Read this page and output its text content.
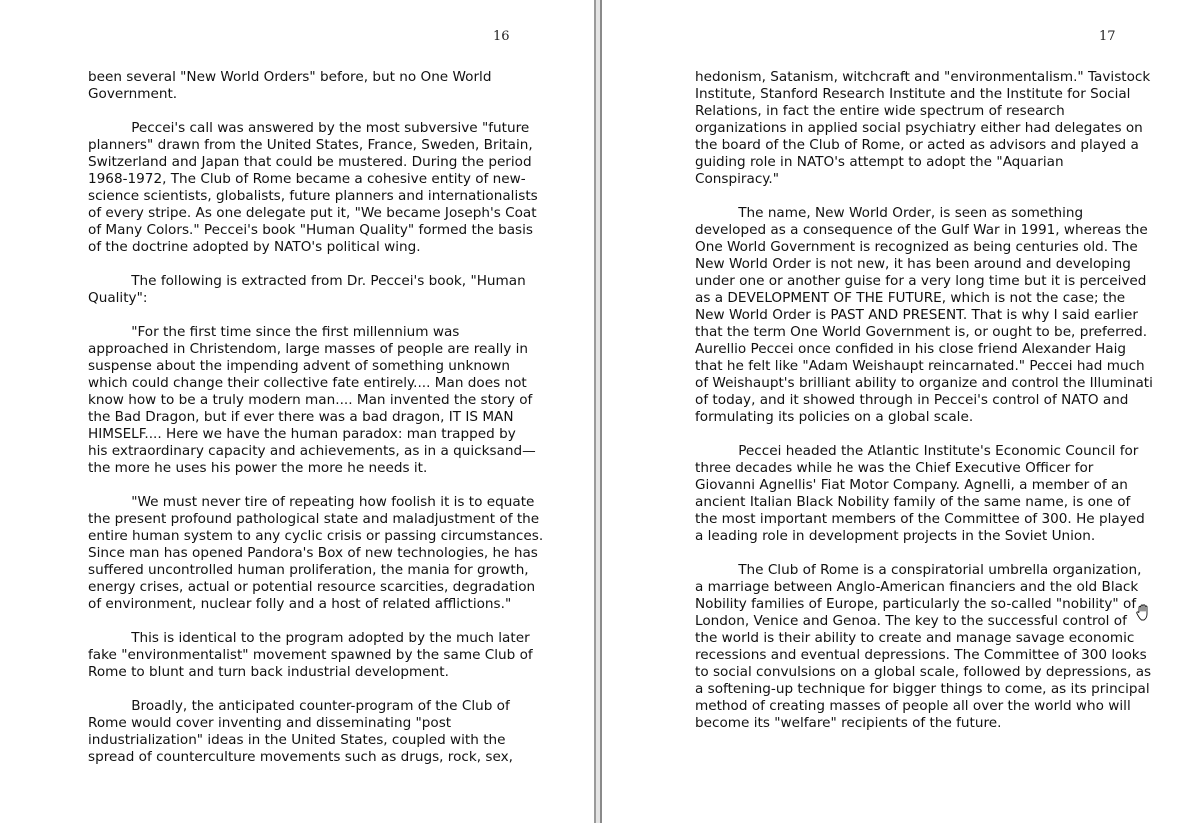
16
been several "New World Orders" before, but no One World
Government.
Peccei's call was answered by the most subversive "future
planners" drawn from the United States, France, Sweden, Britain,
Switzerland and Japan that could be mustered. During the period
1968-1972, The Club of Rome became a cohesive entity of new-
science scientists, globalists, future planners and internationalists
of every stripe. As one delegate put it, "We became Joseph's Coat
of Many Colors." Peccei's book "Human Quality" formed the basis
of the doctrine adopted by NATO's political wing.
The following is extracted from Dr. Peccei's book, "Human
Quality":
"For the first time since the first millennium was
approached in Christendom, large masses of people are really in
suspense about the impending advent of something unknown
which could change their collective fate entirely.... Man does not
know how to be a truly modern man.... Man invented the story of
the Bad Dragon, but if ever there was a bad dragon, IT IS MAN
HIMSELF.... Here we have the human paradox: man trapped by
his extraordinary capacity and achievements, as in a quicksand—
the more he uses his power the more he needs it.
"We must never tire of repeating how foolish it is to equate
the present profound pathological state and maladjustment of the
entire human system to any cyclic crisis or passing circumstances.
Since man has opened Pandora's Box of new technologies, he has
suffered uncontrolled human proliferation, the mania for growth,
energy crises, actual or potential resource scarcities, degradation
of environment, nuclear folly and a host of related afflictions."
This is identical to the program adopted by the much later
fake "environmentalist" movement spawned by the same Club of
Rome to blunt and turn back industrial development.
Broadly, the anticipated counter-program of the Club of
Rome would cover inventing and disseminating "post
industrialization" ideas in the United States, coupled with the
spread of counterculture movements such as drugs, rock, sex,
17
hedonism, Satanism, witchcraft and "environmentalism." Tavistock
Institute, Stanford Research Institute and the Institute for Social
Relations, in fact the entire wide spectrum of research
organizations in applied social psychiatry either had delegates on
the board of the Club of Rome, or acted as advisors and played a
guiding role in NATO's attempt to adopt the "Aquarian
Conspiracy."
The name, New World Order, is seen as something
developed as a consequence of the Gulf War in 1991, whereas the
One World Government is recognized as being centuries old. The
New World Order is not new, it has been around and developing
under one or another guise for a very long time but it is perceived
as a DEVELOPMENT OF THE FUTURE, which is not the case; the
New World Order is PAST AND PRESENT. That is why I said earlier
that the term One World Government is, or ought to be, preferred.
Aurellio Peccei once confided in his close friend Alexander Haig
that he felt like "Adam Weishaupt reincarnated." Peccei had much
of Weishaupt's brilliant ability to organize and control the Illuminati
of today, and it showed through in Peccei's control of NATO and
formulating its policies on a global scale.
Peccei headed the Atlantic Institute's Economic Council for
three decades while he was the Chief Executive Officer for
Giovanni Agnellis' Fiat Motor Company. Agnelli, a member of an
ancient Italian Black Nobility family of the same name, is one of
the most important members of the Committee of 300. He played
a leading role in development projects in the Soviet Union.
The Club of Rome is a conspiratorial umbrella organization,
a marriage between Anglo-American financiers and the old Black
Nobility families of Europe, particularly the so-called "nobility" of
London, Venice and Genoa. The key to the successful control of
the world is their ability to create and manage savage economic
recessions and eventual depressions. The Committee of 300 looks
to social convulsions on a global scale, followed by depressions, as
a softening-up technique for bigger things to come, as its principal
method of creating masses of people all over the world who will
become its "welfare" recipients of the future.
